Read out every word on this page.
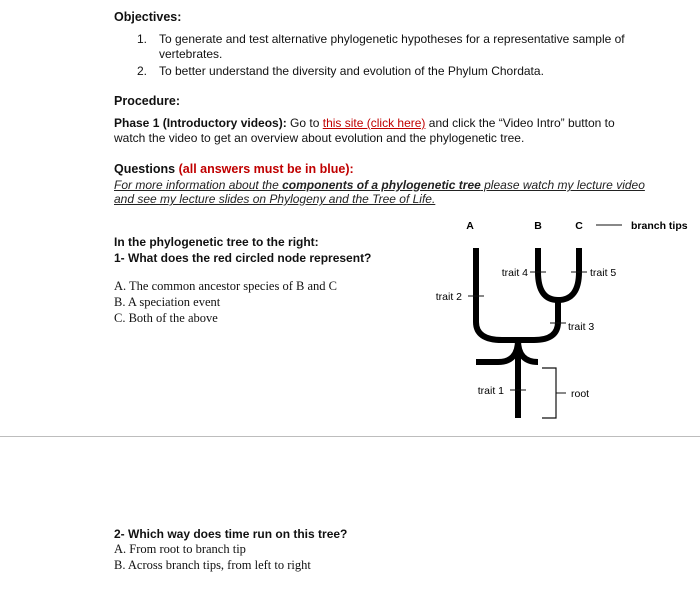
Objectives:
1. To generate and test alternative phylogenetic hypotheses for a representative sample of
vertebrates.
2. To better understand the diversity and evolution of the Phylum Chordata.
Procedure:
Phase 1 (Introductory videos): Go to this site (click here) and click the “Video Intro” button to
watch the video to get an overview about evolution and the phylogenetic tree.
Questions (all answers must be in blue):
For more information about the components of a phylogenetic tree please watch my lecture video
and see my lecture slides on Phylogeny and the Tree of Life.
In the phylogenetic tree to the right:
1- What does the red circled node represent?
A. The common ancestor species of B and C
B. A speciation event
C. Both of the above
A	B	C	branch tips
trait 4	trait 5
trait 2
trait 3
trait 1	root
2- Which way does time run on this tree?
A. From root to branch tip
B. Across branch tips, from left to right
